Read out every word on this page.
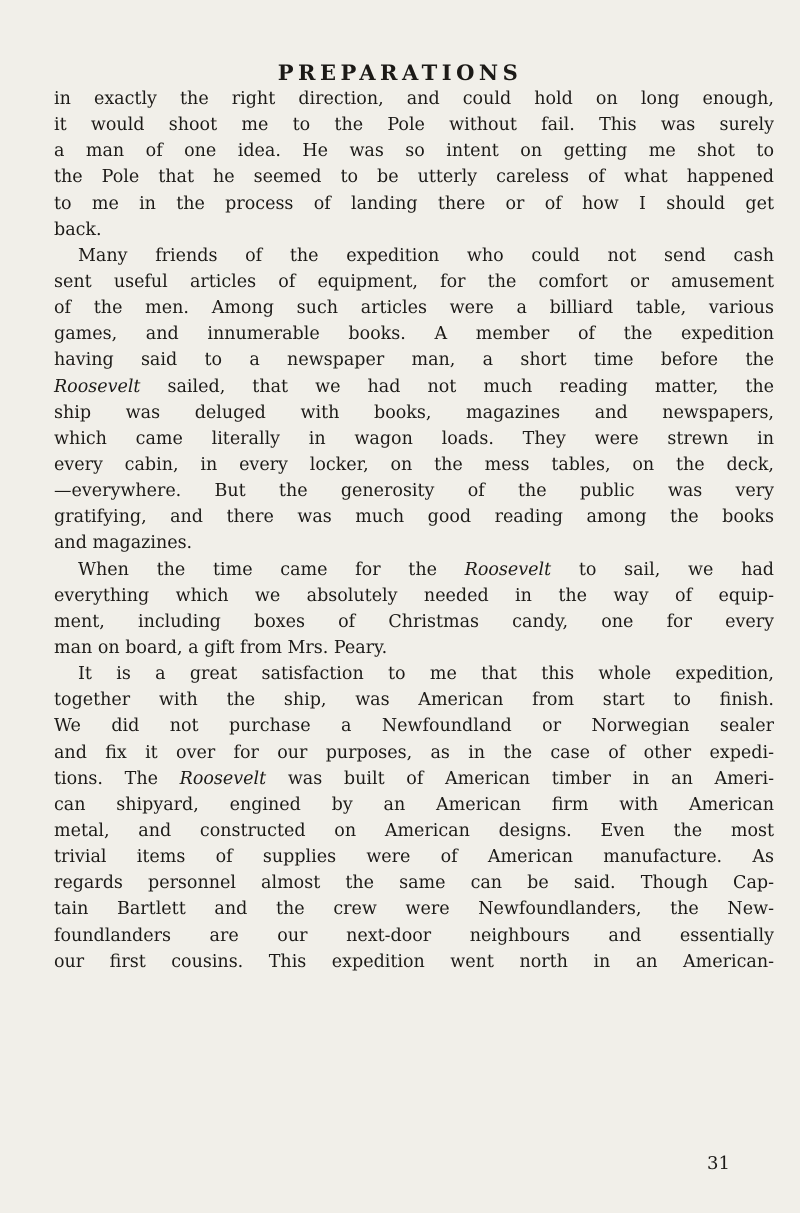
PREPARATIONS
in exactly the right direction, and could hold on long enough,
it would shoot me to the Pole without fail. This was surely
a man of one idea. He was so intent on getting me shot to
the Pole that he seemed to be utterly careless of what happened
to me in the process of landing there or of how I should get
back.
Many friends of the expedition who could not send cash
sent useful articles of equipment, for the comfort or amusement
of the men. Among such articles were a billiard table, various
games, and innumerable books. A member of the expedition
having said to a newspaper man, a short time before the
Roosevelt sailed, that we had not much reading matter, the
ship was deluged with books, magazines and newspapers,
which came literally in wagon loads. They were strewn in
every cabin, in every locker, on the mess tables, on the deck,
—everywhere. But the generosity of the public was very
gratifying, and there was much good reading among the books
and magazines.
When the time came for the Roosevelt to sail, we had
everything which we absolutely needed in the way of equip-
ment, including boxes of Christmas candy, one for every
man on board, a gift from Mrs. Peary.
It is a great satisfaction to me that this whole expedition,
together with the ship, was American from start to finish.
We did not purchase a Newfoundland or Norwegian sealer
and fix it over for our purposes, as in the case of other expedi-
tions. The Roosevelt was built of American timber in an Ameri-
can shipyard, engined by an American firm with American
metal, and constructed on American designs. Even the most
trivial items of supplies were of American manufacture. As
regards personnel almost the same can be said. Though Cap-
tain Bartlett and the crew were Newfoundlanders, the New-
foundlanders are our next-door neighbours and essentially
our first cousins. This expedition went north in an American-
31
